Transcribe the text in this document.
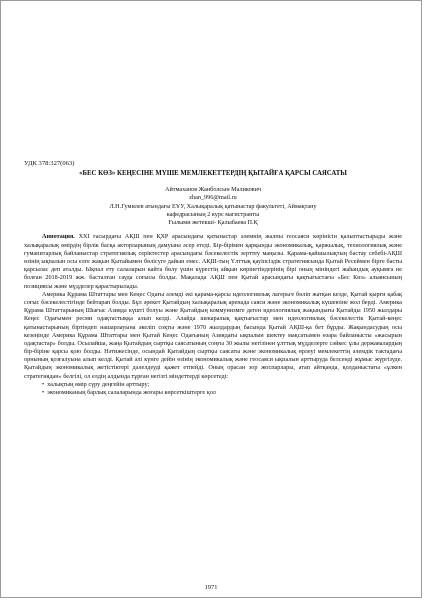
УДК 378:327(063)

«БЕС КӨЗ» КЕҢЕСІНЕ МҮШЕ МЕМЛЕКЕТТЕРДІҢ ҚЫТАЙҒА ҚАРСЫ САЯСАТЫ

Айтмаханов Жанболсын Маликович
zhan_996@mail.ru
Л.Н.Гумилев атындағы ЕҰУ, Халықаралық қатынастар факультеті, Аймақтану
кафедрасының 2 курс магистранты
Ғылыми жетекші- Қалыбаева П.Қ

Аннотация. XXI ғасырдағы АҚШ пен ҚХР арасындағы қатынастар әлемнің жалпы геосаяси көрінісін қалыптастырады және халықаралық өмірдің бірлік басқа акторларының дамуына әсер етеді. Бір-бірімен қарқынды экономикалық, қаржылық, технологиялық және гуманитарлық байланыстар стратегиялық серіктестер арасындағы бәсекелестік зерттеу маңызы. Қарама-қайшылықтың бастау себебі-АҚШ өзінің ықпалын осы елге жақын Қытайымен бөлісуге дайын емес. АҚШ-тың Үлттық қауіпсіздік стратегиясында Қытай Ресеймен бірге басты қарсылас деп аталды. Ықпал ету салаларын кайта бөлу үшін күрестің айқын көрінетіндерінің бірі оның мініндегі жаһандық ауқымға не болған 2018-2019 жж. басталған сауда соғысы болды. Мақалада АҚШ пен Қытай арасындағы қақтығыстағы «Бес Көз» альянсының позициясы және мүдделер қарастырылады.

Америка Құрама Штаттары мен Кеңес Одағы әлемді екі қарама-қарсы идеологиялық лагерьге бөліп жатқан кезде, Қытай қырғи қабақ соғыс бәсекелестігінде бейтарап болды. Бұл әрекет Қытайдың халықаралық аренада саяси және экономикалық күшеюіне жол берді. Америка Құрама Штаттарының Шығыс Азияда күшті болуы және Қытайдың коммунизмге деген идеологиялық жақындығы Қытайды 1950 жылдары Кеңес Одағымен ресми одақтастыққа алып келді. Алайда шекаралық қақтығыстар мен идеологиялық бәсекелестік Қытай-кеңес қатынастарының біртіндеп нашарлауына әкеліп соқты және 1970 жылдардың басында Қытай АҚШ-қа бет бұрды. Жақындасудың осы кезеңінде Америка Құрама Штаттары мен Қытай Кеңес Одағының Азиядағы ықпалын шектеу мақсатымен өзара байланысты «жасырын одақтастар» болды. Осылайша, жаңа Қытайдың сыртқы саясатының соңғы 30 жылы негізінен ұлттық мүдделерге сәйкес ұлы державалардың бір-біріне қарсы қою болды. Нәтижесінде, осындай Қытайдың сыртқы саясаты және экономикалық өрлеуі мемлекеттің әлемдік тактадағы орнының қозғалуына алып келді. Қытай әлі күнге дейін өзінің экономикалық және геосаяси ықпалын арттыруда белсенді жұмыс жүргізуде. Қытайдың экономикалық жетістіктері дәлелдеуді қажет етпейді. Оның орасан зор жоспарлары, атап айтқанда, қолданыстағы «ұлкен стратегиядан» белгілі, ол елдің алдында тұрған негізгі міндеттерді көрсетеді:

• халықтың өмір сүру деңгейін арттыру;
• экономиканың барлық салаларында жоғары көрсеткіштерге қол
1971
